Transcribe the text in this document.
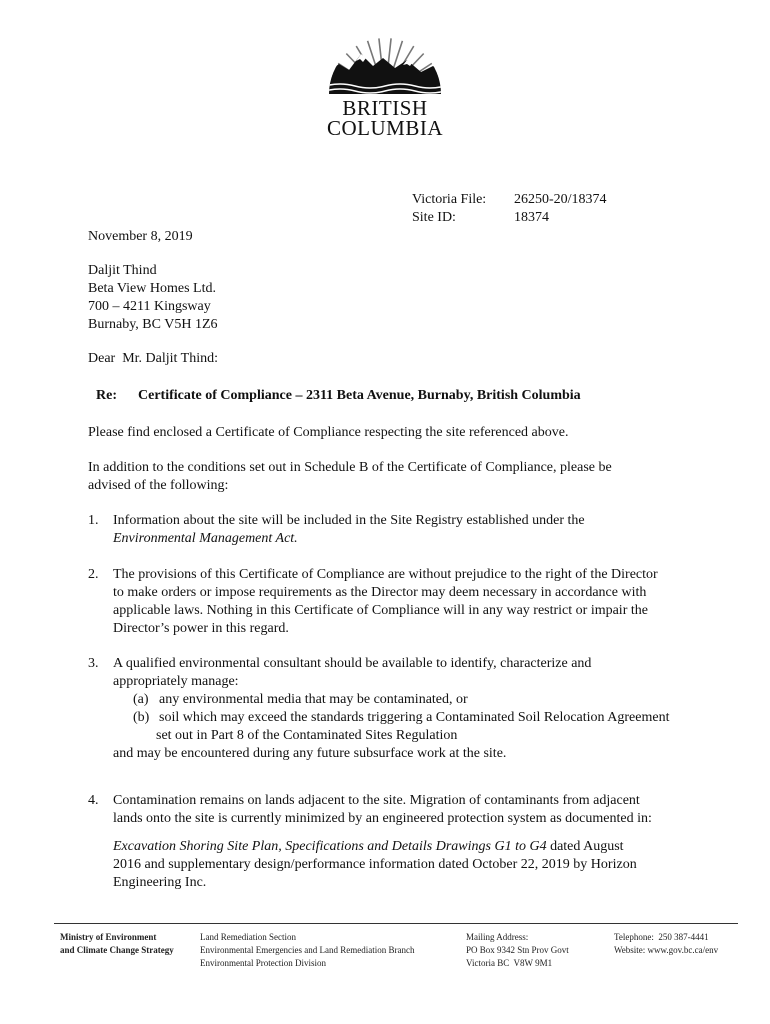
BRITISH
COLUMBIA
Victoria File: 26250-20/18374
Site ID:	18374
November 8, 2019
Daljit Thind
Beta View Homes Ltd.
700 – 4211 Kingsway
Burnaby, BC V5H 1Z6
Dear  Mr. Daljit Thind:
Re: Certificate of Compliance – 2311 Beta Avenue, Burnaby, British Columbia
Please find enclosed a Certificate of Compliance respecting the site referenced above.
In addition to the conditions set out in Schedule B of the Certificate of Compliance, please be
advised of the following:
1. Information about the site will be included in the Site Registry established under the
Environmental Management Act.
2. The provisions of this Certificate of Compliance are without prejudice to the right of the Director
to make orders or impose requirements as the Director may deem necessary in accordance with
applicable laws. Nothing in this Certificate of Compliance will in any way restrict or impair the
Director’s power in this regard.
3. A qualified environmental consultant should be available to identify, characterize and
appropriately manage:
(a) any environmental media that may be contaminated, or
(b) soil which may exceed the standards triggering a Contaminated Soil Relocation Agreement
set out in Part 8 of the Contaminated Sites Regulation
and may be encountered during any future subsurface work at the site.
4. Contamination remains on lands adjacent to the site. Migration of contaminants from adjacent
lands onto the site is currently minimized by an engineered protection system as documented in:
Excavation Shoring Site Plan, Specifications and Details Drawings G1 to G4 dated August
2016 and supplementary design/performance information dated October 22, 2019 by Horizon
Engineering Inc.
Ministry of Environment
and Climate Change Strategy
Land Remediation Section
Environmental Emergencies and Land Remediation Branch
Environmental Protection Division
Mailing Address:
PO Box 9342 Stn Prov Govt
Victoria BC  V8W 9M1
Telephone:  250 387-4441
Website: www.gov.bc.ca/env
